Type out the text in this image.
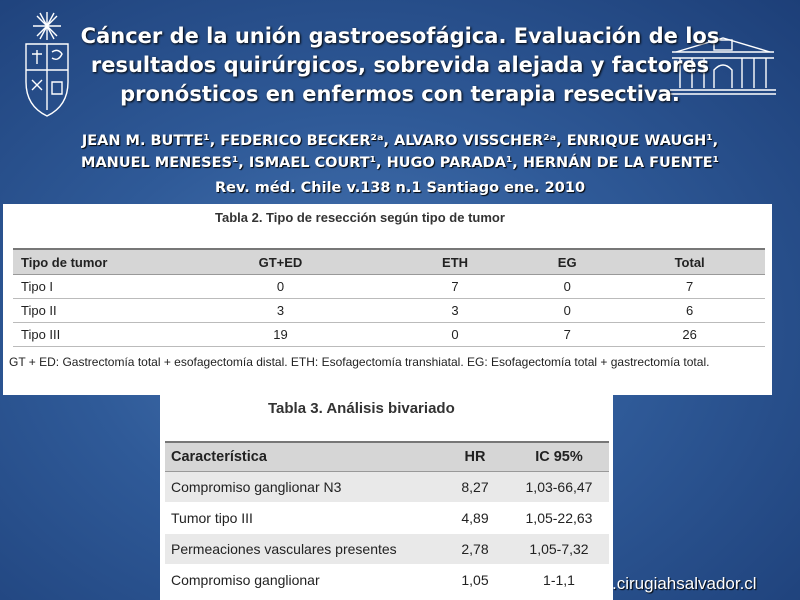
Cáncer de la unión gastroesofágica. Evaluación de los resultados quirúrgicos, sobrevida alejada y factores pronósticos en enfermos con terapia resectiva.
JEAN M. BUTTE¹, FEDERICO BECKER²ᵃ, ALVARO VISSCHER²ᵃ, ENRIQUE WAUGH¹,
MANUEL MENESES¹, ISMAEL COURT¹, HUGO PARADA¹, HERNÁN DE LA FUENTE¹
Rev. méd. Chile v.138 n.1 Santiago ene. 2010
Tabla 2. Tipo de resección según tipo de tumor
Tipo de tumor	GT+ED	ETH	EG	Total
Tipo I	0	7	0	7
Tipo II	3	3	0	6
Tipo III	19	0	7	26
GT + ED: Gastrectomía total + esofagectomía distal. ETH: Esofagectomía transhiatal. EG: Esofagectomía total + gastrectomía total.
Tabla 3. Análisis bivariado
Característica	HR	IC 95%
Compromiso ganglionar N3	8,27	1,03-66,47
Tumor tipo III	4,89	1,05-22,63
Permeaciones vasculares presentes	2,78	1,05-7,32
Compromiso ganglionar	1,05	1-1,1 .cirugiahsalvador.cl
